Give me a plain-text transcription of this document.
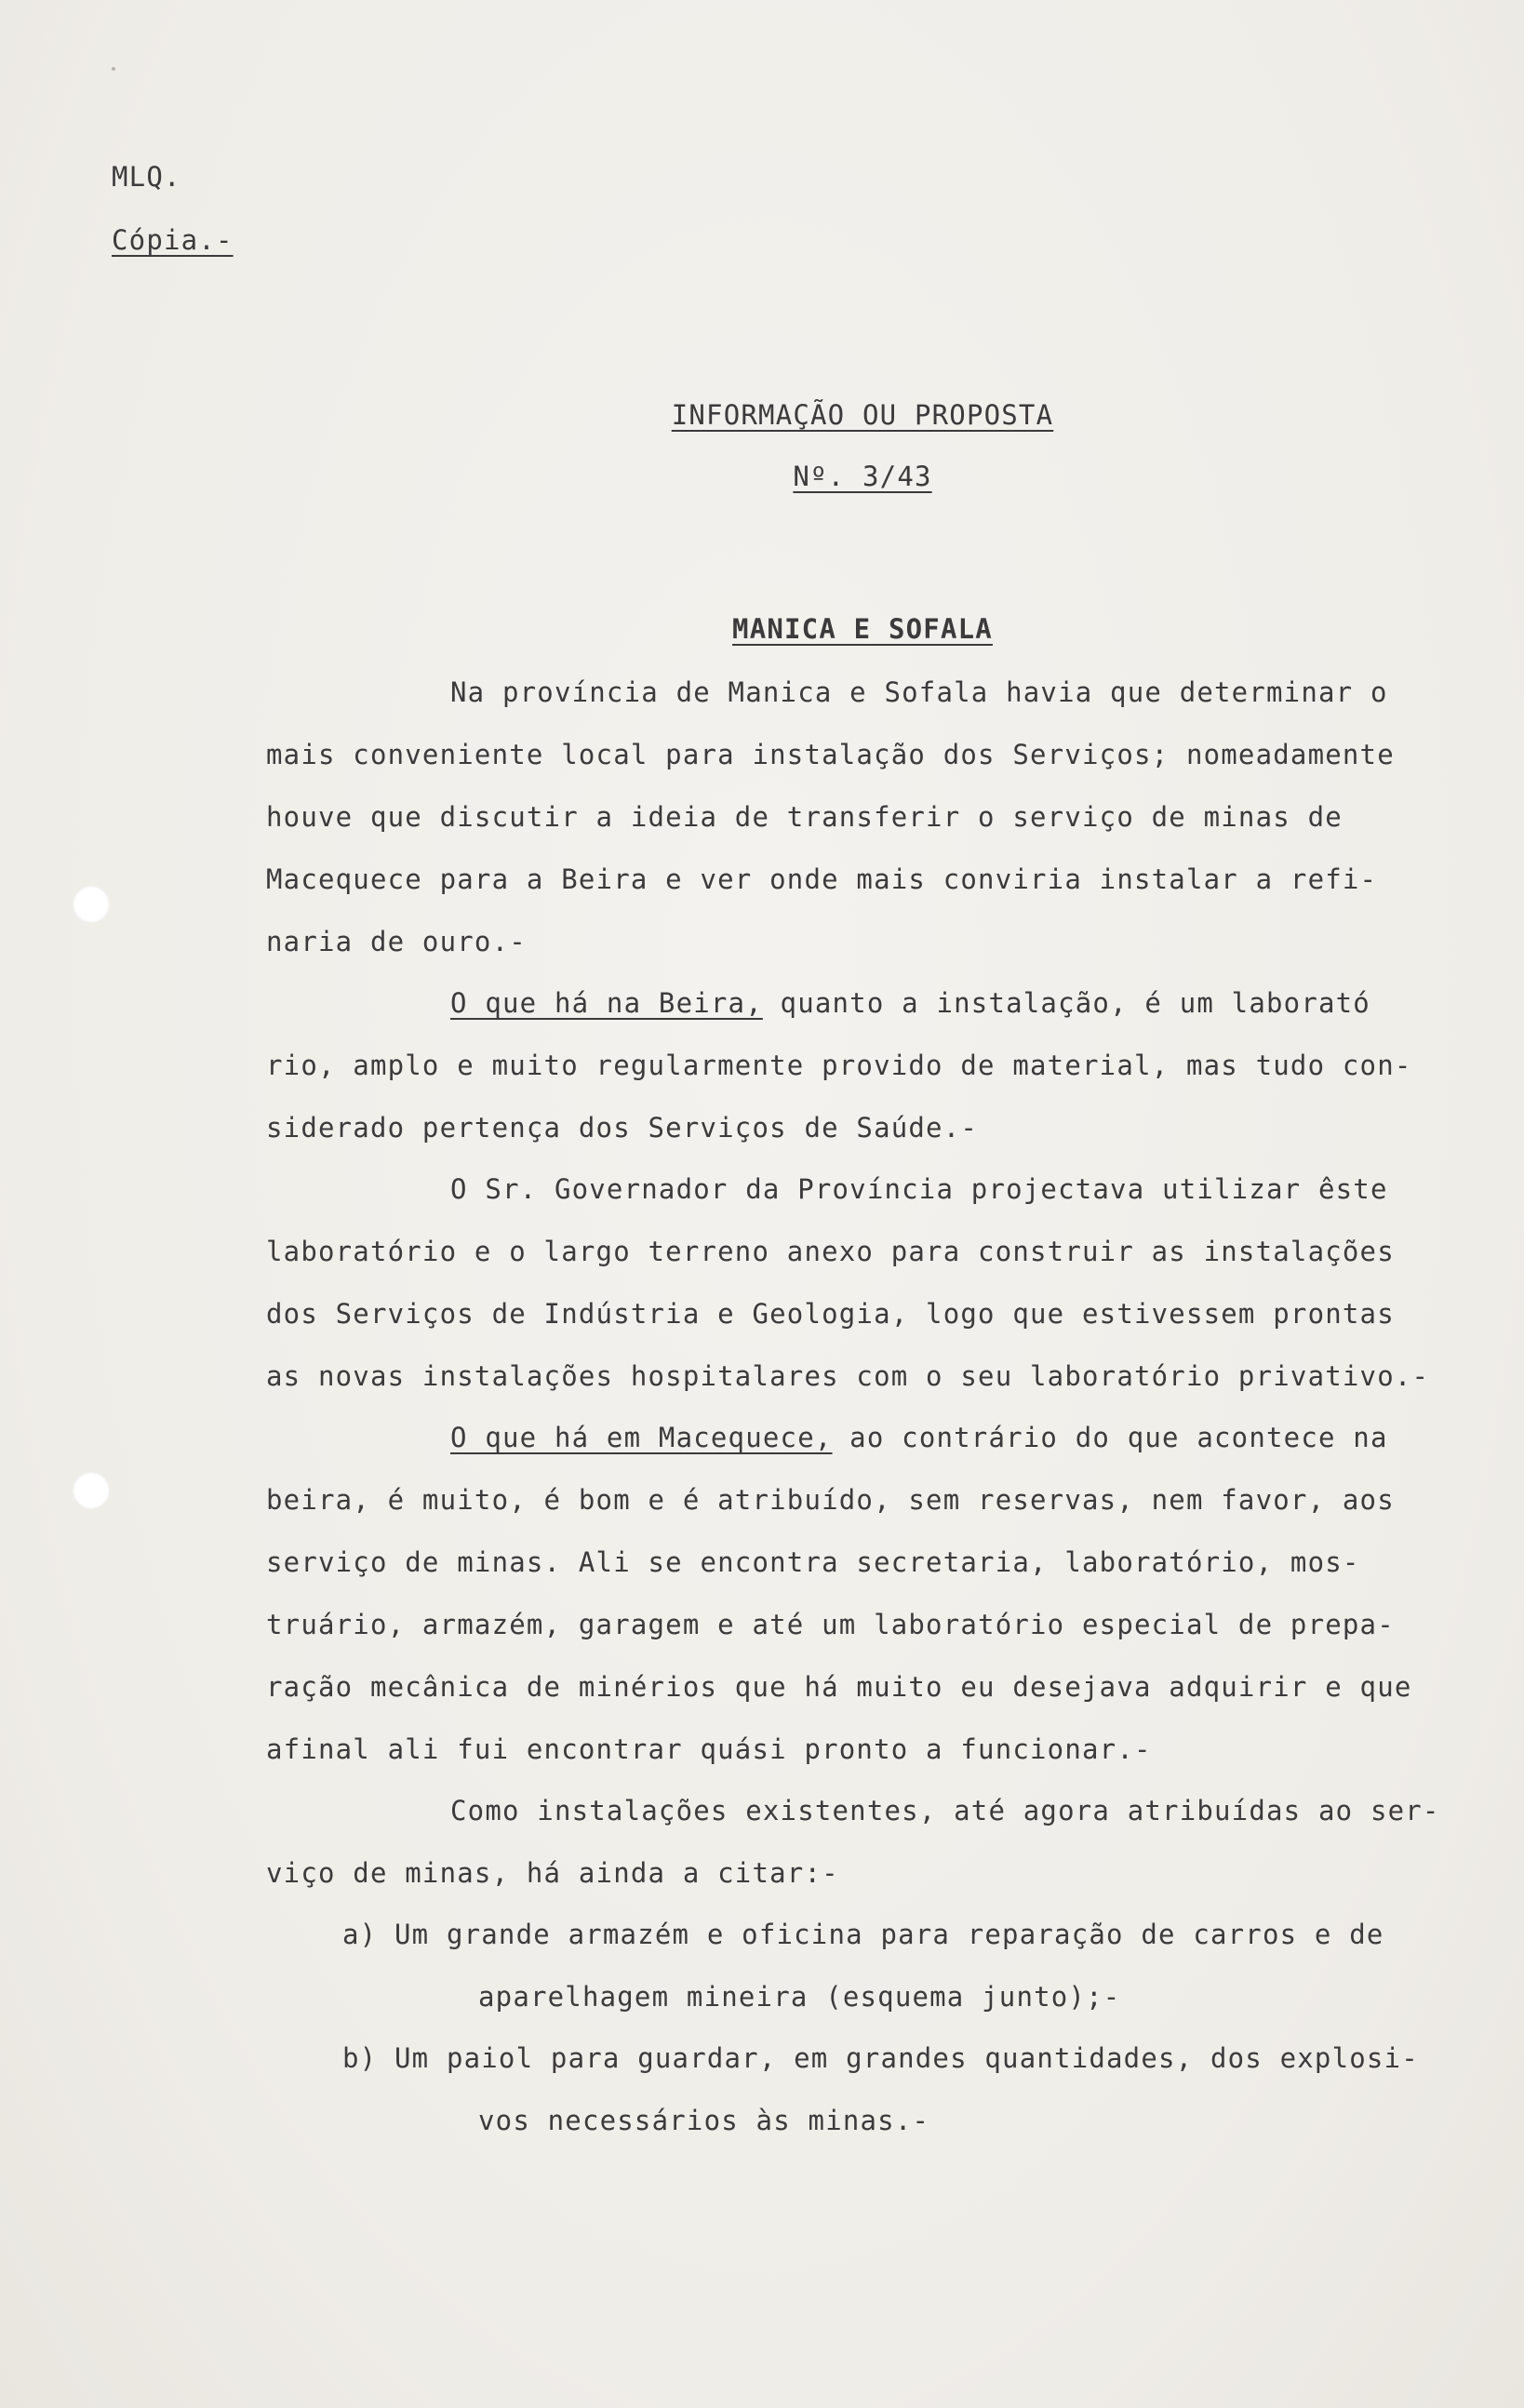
MLQ.
Cópia.-
INFORMAÇÃO OU PROPOSTA
Nº. 3/43
MANICA E SOFALA
Na província de Manica e Sofala havia que determinar o
mais conveniente local para instalação dos Serviços; nomeadamente
houve que discutir a ideia de transferir o serviço de minas de
Macequece para a Beira e ver onde mais conviria instalar a refi-
naria de ouro.-
O que há na Beira, quanto a instalação, é um laborató
rio, amplo e muito regularmente provido de material, mas tudo con-
siderado pertença dos Serviços de Saúde.-
O Sr. Governador da Província projectava utilizar êste
laboratório e o largo terreno anexo para construir as instalações
dos Serviços de Indústria e Geologia, logo que estivessem prontas
as novas instalações hospitalares com o seu laboratório privativo.-
O que há em Macequece, ao contrário do que acontece na
beira, é muito, é bom e é atribuído, sem reservas, nem favor, aos
serviço de minas. Ali se encontra secretaria, laboratório, mos-
truário, armazém, garagem e até um laboratório especial de prepa-
ração mecânica de minérios que há muito eu desejava adquirir e que
afinal ali fui encontrar quási pronto a funcionar.-
Como instalações existentes, até agora atribuídas ao ser-
viço de minas, há ainda a citar:-
a) Um grande armazém e oficina para reparação de carros e de
aparelhagem mineira (esquema junto);-
b) Um paiol para guardar, em grandes quantidades, dos explosi-
vos necessários às minas.-
